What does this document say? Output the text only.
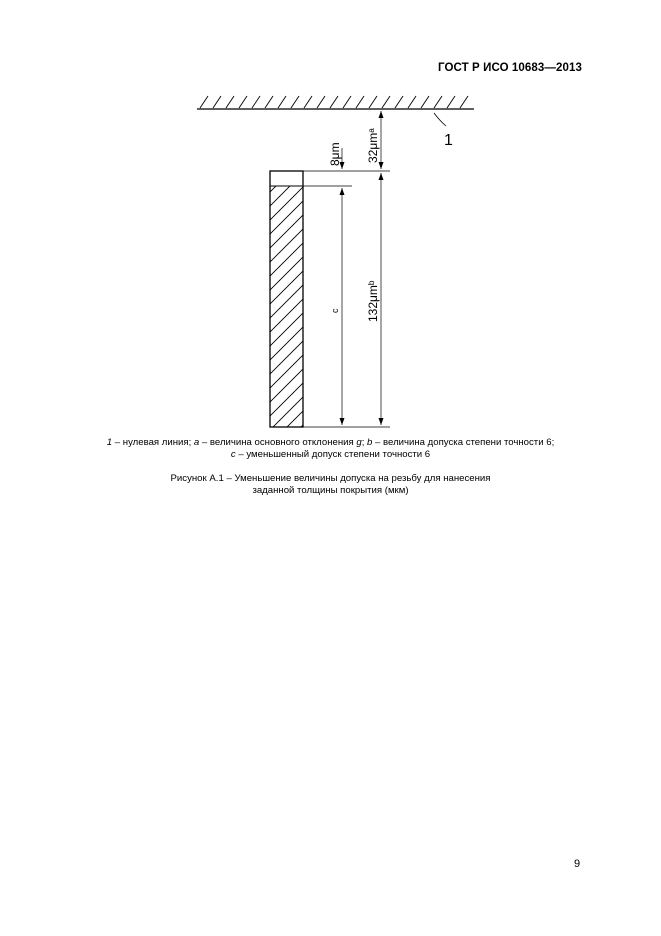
ГОСТ Р ИСО 10683—2013
1
8μm 32μmᵃ
c 132μmᵇ
1 – нулевая линия; a – величина основного отклонения g; b – величина допуска степени точности 6;
c – уменьшенный допуск степени точности 6
Рисунок А.1 – Уменьшение величины допуска на резьбу для нанесения
заданной толщины покрытия (мкм)
9
